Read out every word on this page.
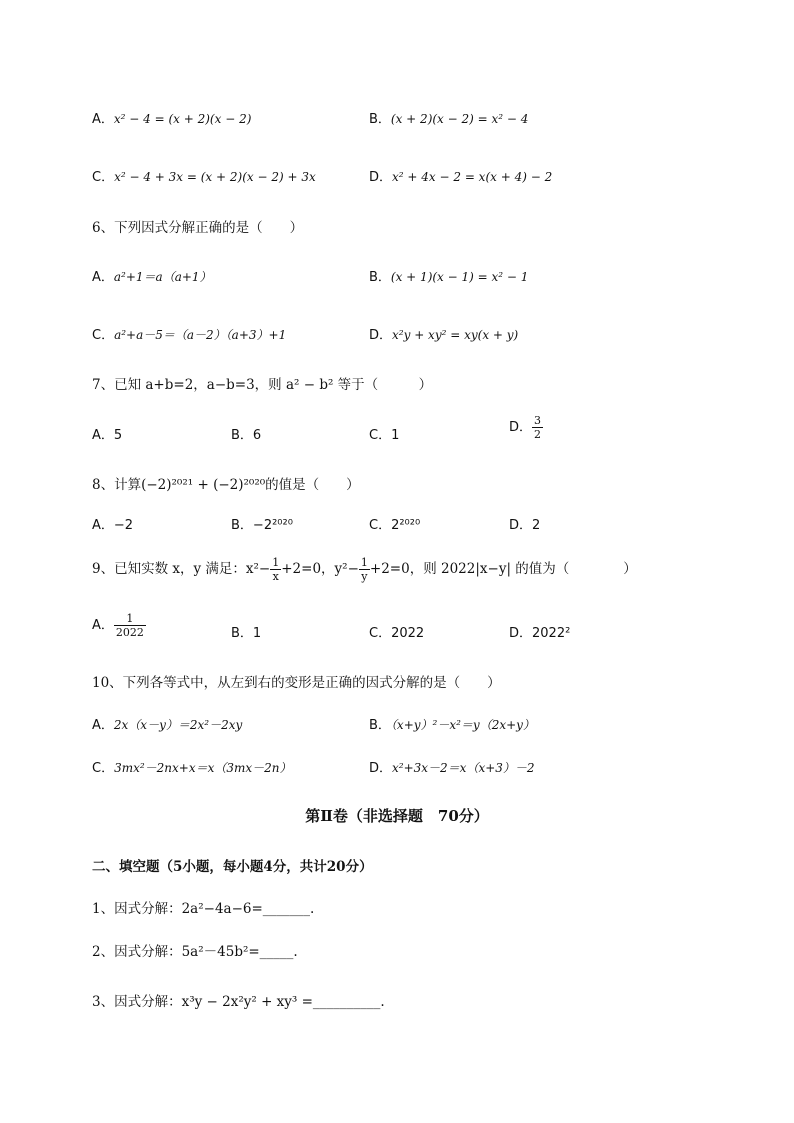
A．x² − 4 = (x + 2)(x − 2)	B．(x + 2)(x − 2) = x² − 4
C．x² − 4 + 3x = (x + 2)(x − 2) + 3x	D．x² + 4x − 2 = x(x + 4) − 2
6、下列因式分解正确的是（　　）
A．a²+1＝a（a+1）	B．(x + 1)(x − 1) = x² − 1
C．a²+a－5＝（a－2）（a+3）+1	D．x²y + xy² = xy(x + y)
7、已知 a+b=2，a−b=3，则 a² − b² 等于（　　　）
A．5	B．6	C．1
D． $\frac{3}{2}$
8、计算(−2)²⁰²¹ + (−2)²⁰²⁰的值是（　　）
A．−2	B．−2²⁰²⁰	C．2²⁰²⁰	D．2
9、已知实数 x，y 满足：$x^2- \frac{1}{x} +2=0$，$y^2- \frac{1}{y} +2=0$，则 2022|x−y| 的值为（　　　　）
A． $\frac{1}{2022}$	B．1	C．2022	D．2022²
10、下列各等式中，从左到右的变形是正确的因式分解的是（　　）
A．2x（x－y）＝2x²－2xy	B．（x+y）²－x²＝y（2x+y）
C．3mx²－2nx+x＝x（3mx－2n）	D．x²+3x－2＝x（x+3）－2
第Ⅱ卷（非选择题　70分）
二、填空题（5小题，每小题4分，共计20分）
1、因式分解：2a²−4a−6=_______.
2、因式分解：5a²－45b²=_____.
3、因式分解：x³y − 2x²y² + xy³ =__________.
